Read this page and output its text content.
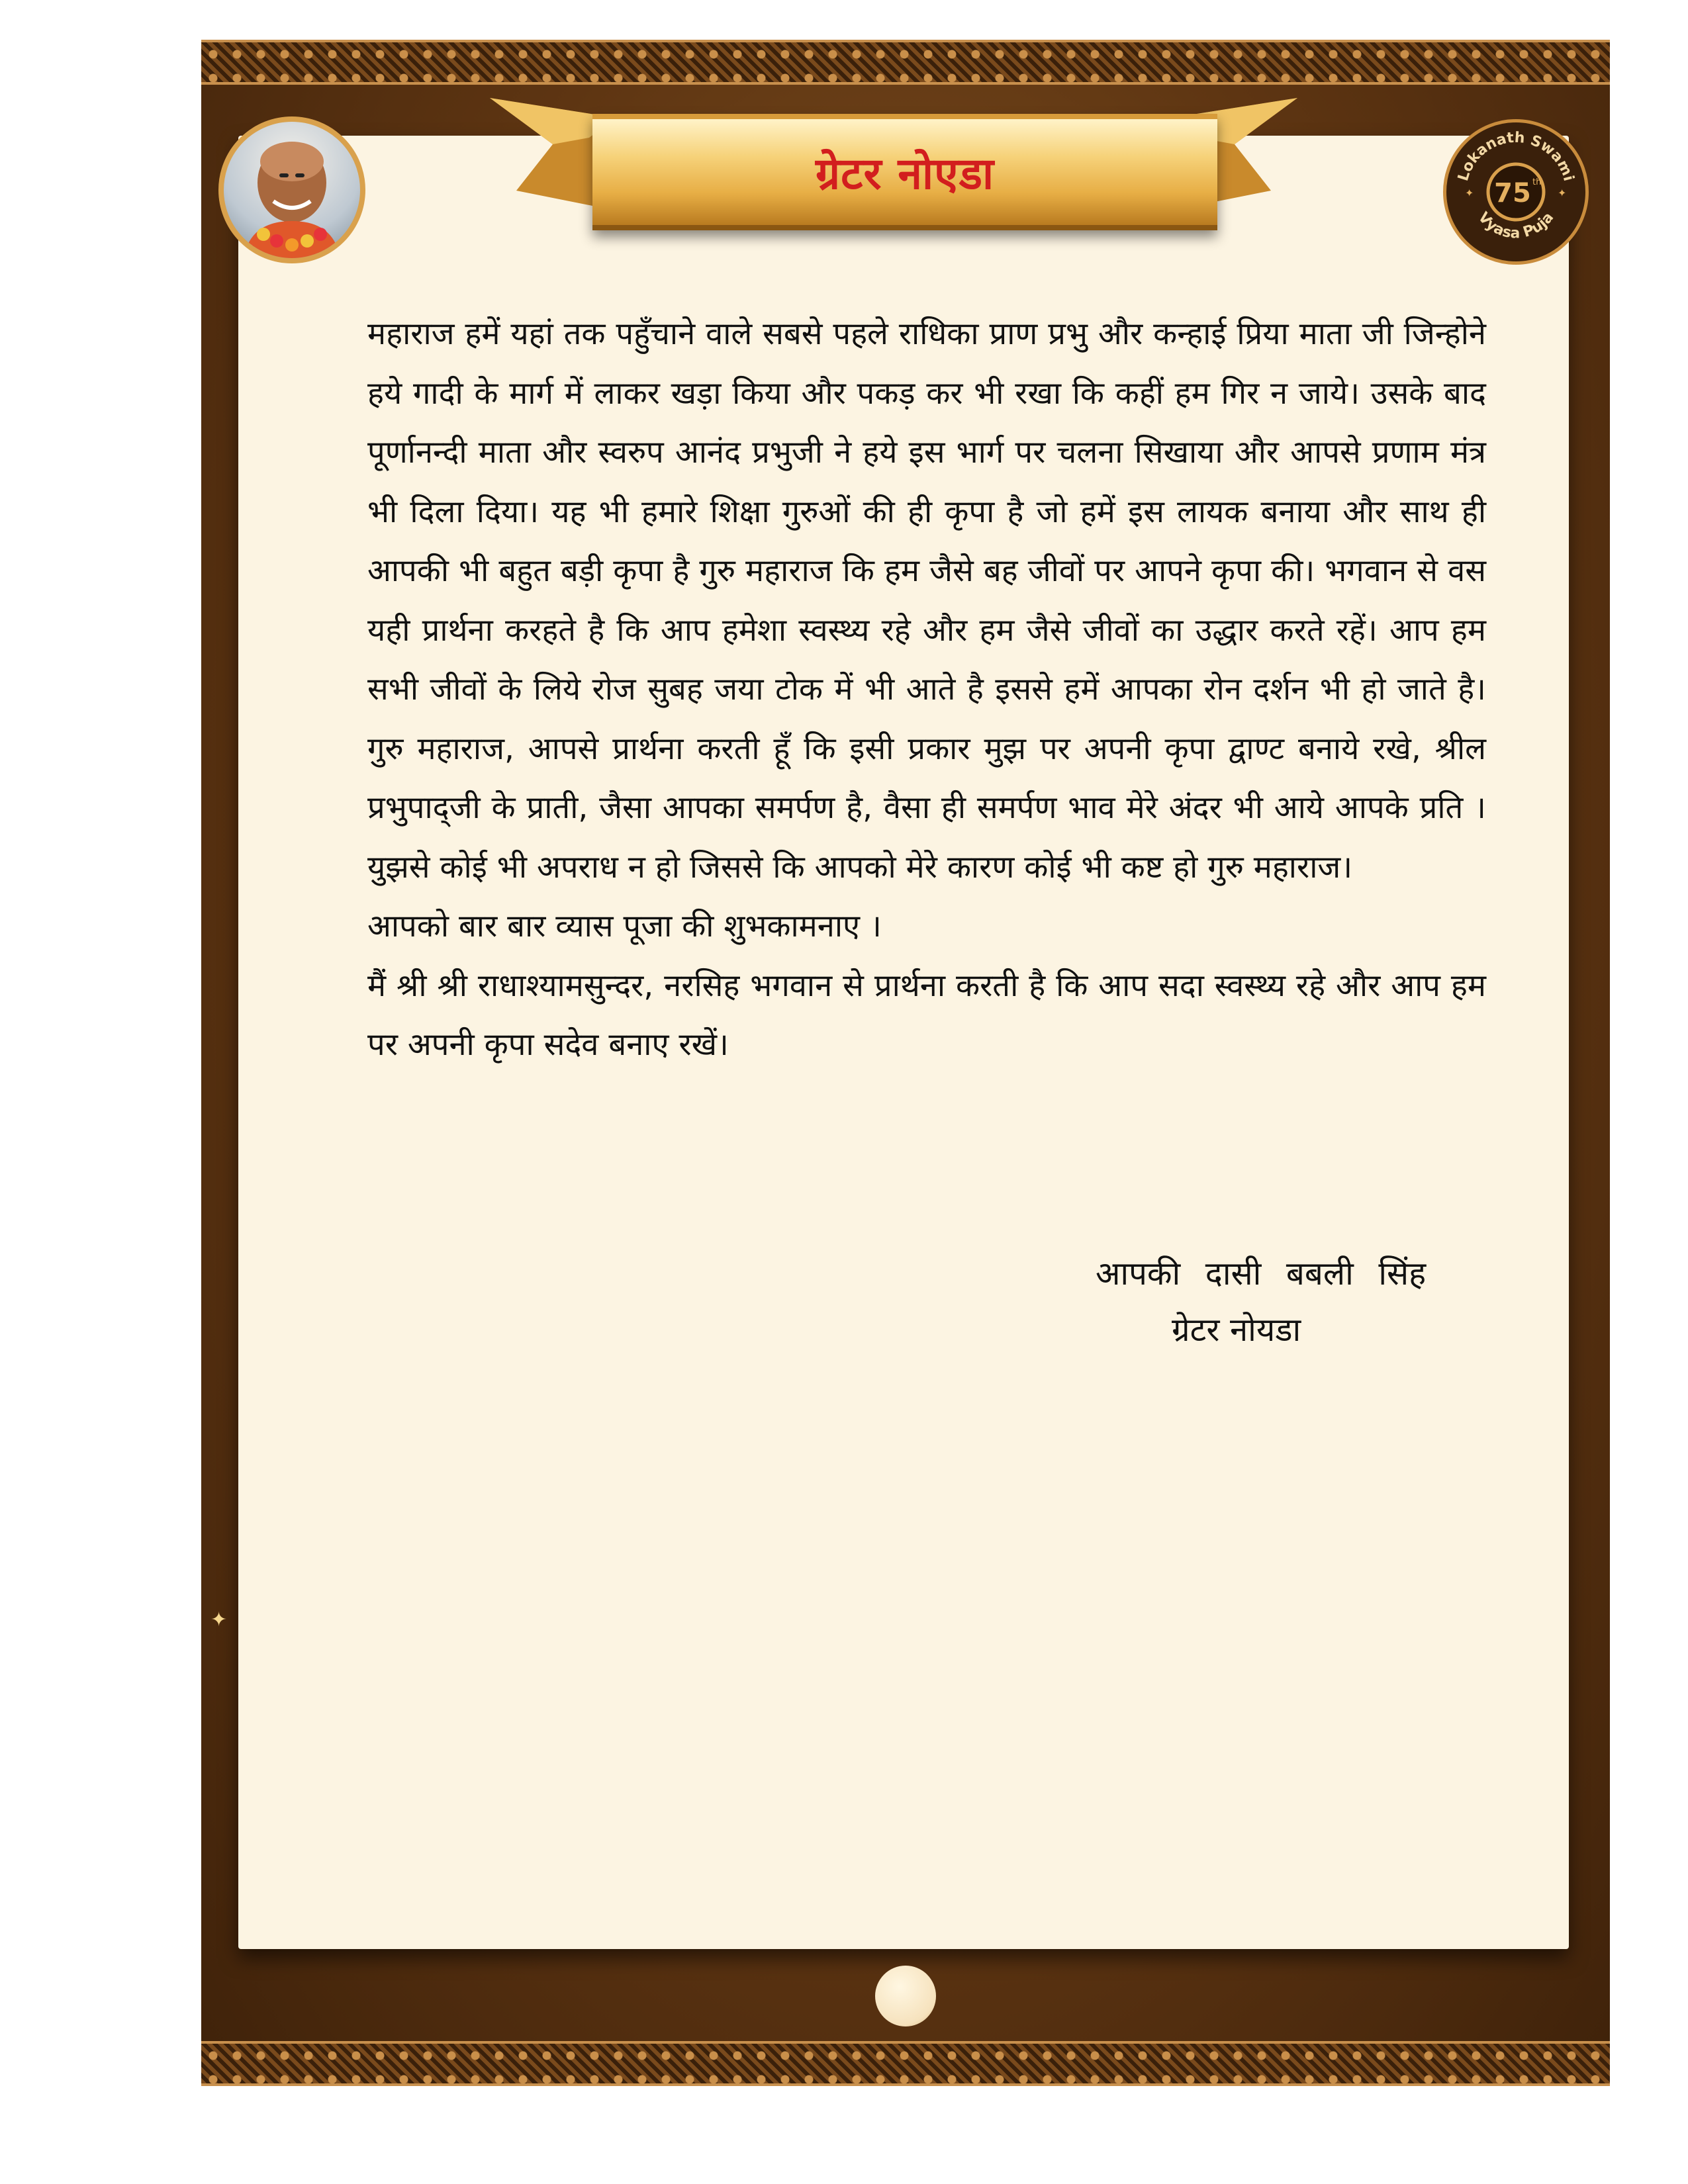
ग्रेटर नोएडा	Lokanath Swami
75 th
Vyasa Puja
✦	✦

महाराज हमें यहां तक पहुँचाने वाले सबसे पहले राधिका प्राण प्रभु और कन्हाई प्रिया माता जी जिन्होने हये गादी के मार्ग में लाकर खड़ा किया और पकड़ कर भी रखा कि कहीं हम गिर न जाये। उसके बाद पूर्णानन्दी माता और स्वरुप आनंद प्रभुजी ने हये इस भार्ग पर चलना सिखाया और आपसे प्रणाम मंत्र भी दिला दिया। यह भी हमारे शिक्षा गुरुओं की ही कृपा है जो हमें इस लायक बनाया और साथ ही आपकी भी बहुत बड़ी कृपा है गुरु महाराज कि हम जैसे बह जीवों पर आपने कृपा की। भगवान से वस यही प्रार्थना करहते है कि आप हमेशा स्वस्थ्य रहे और हम जैसे जीवों का उद्धार करते रहें। आप हम सभी जीवों के लिये रोज सुबह जया टोक में भी आते है इससे हमें आपका रोन दर्शन भी हो जाते है। गुरु महाराज, आपसे प्रार्थना करती हूँ कि इसी प्रकार मुझ पर अपनी कृपा द्वाण्ट बनाये रखे, श्रील प्रभुपाद्जी के प्राती, जैसा आपका समर्पण है, वैसा ही समर्पण भाव मेरे अंदर भी आये आपके प्रति । युझसे कोई भी अपराध न हो जिससे कि आपको मेरे कारण कोई भी कष्ट हो गुरु महाराज।

आपको बार बार व्यास पूजा की शुभकामनाए ।

मैं श्री श्री राधाश्यामसुन्दर, नरसिह भगवान से प्रार्थना करती है कि आप सदा स्वस्थ्य रहे और आप हम पर अपनी कृपा सदेव बनाए रखें।

आपकी दासी बबली सिंह
ग्रेटर नोयडा
✦
